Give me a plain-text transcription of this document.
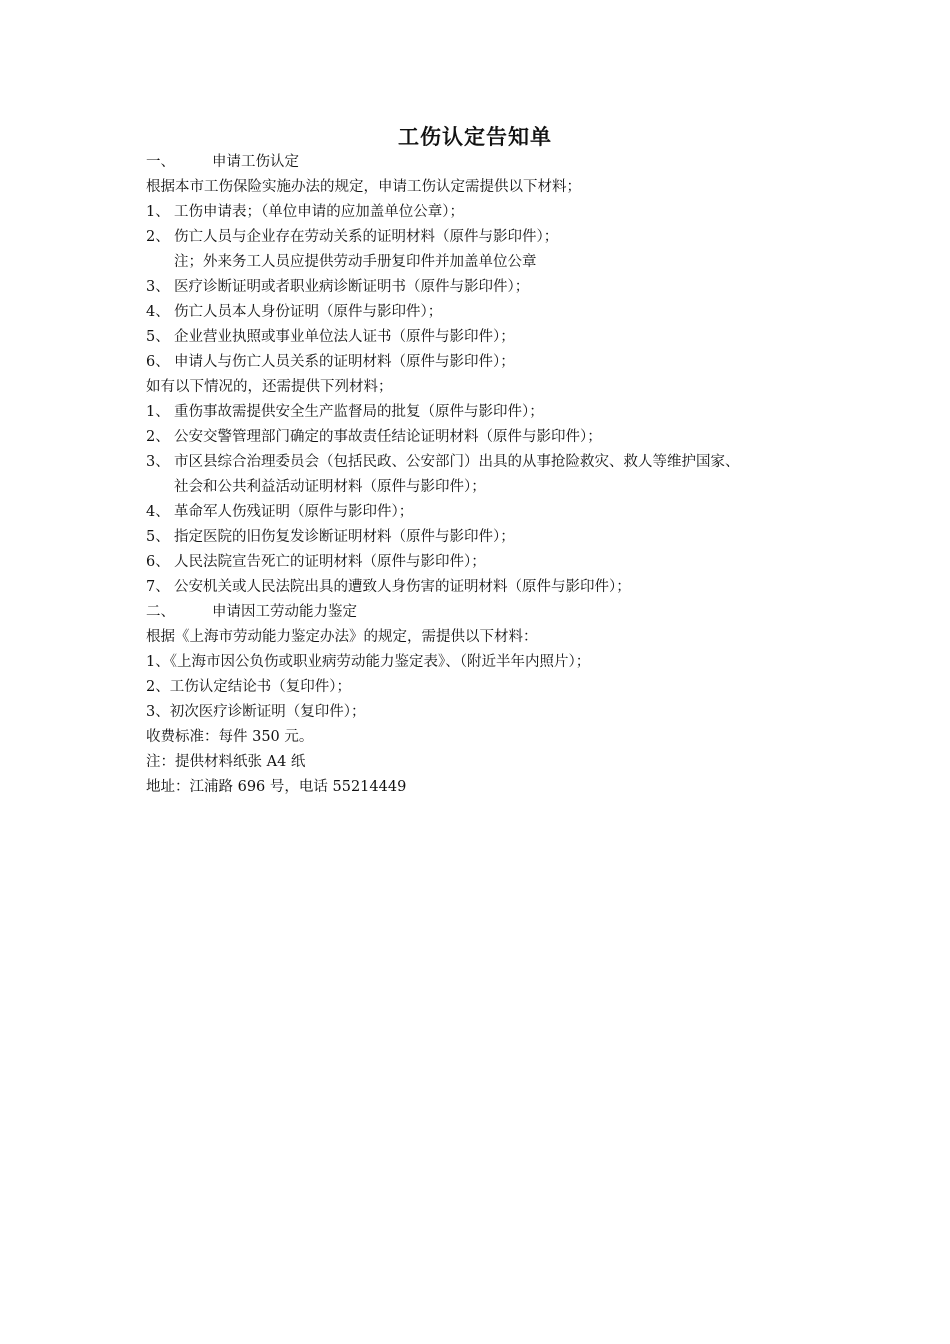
工伤认定告知单
一、	申请工伤认定
根据本市工伤保险实施办法的规定，申请工伤认定需提供以下材料；
1、 工伤申请表；（单位申请的应加盖单位公章）；
2、 伤亡人员与企业存在劳动关系的证明材料（原件与影印件）；
注；外来务工人员应提供劳动手册复印件并加盖单位公章
3、 医疗诊断证明或者职业病诊断证明书（原件与影印件）；
4、 伤亡人员本人身份证明（原件与影印件）；
5、 企业营业执照或事业单位法人证书（原件与影印件）；
6、 申请人与伤亡人员关系的证明材料（原件与影印件）；
如有以下情况的，还需提供下列材料；
1、 重伤事故需提供安全生产监督局的批复（原件与影印件）；
2、 公安交警管理部门确定的事故责任结论证明材料（原件与影印件）；
3、 市区县综合治理委员会（包括民政、公安部门）出具的从事抢险救灾、救人等维护国家、
社会和公共利益活动证明材料（原件与影印件）；
4、 革命军人伤残证明（原件与影印件）；
5、 指定医院的旧伤复发诊断证明材料（原件与影印件）；
6、 人民法院宣告死亡的证明材料（原件与影印件）；
7、 公安机关或人民法院出具的遭致人身伤害的证明材料（原件与影印件）；
二、	申请因工劳动能力鉴定
根据《上海市劳动能力鉴定办法》的规定，需提供以下材料：
1、《上海市因公负伤或职业病劳动能力鉴定表》、（附近半年内照片）；
2、工伤认定结论书（复印件）；
3、初次医疗诊断证明（复印件）；
收费标准：每件 350 元。
注：提供材料纸张 A4 纸
地址：江浦路 696 号，电话 55214449
